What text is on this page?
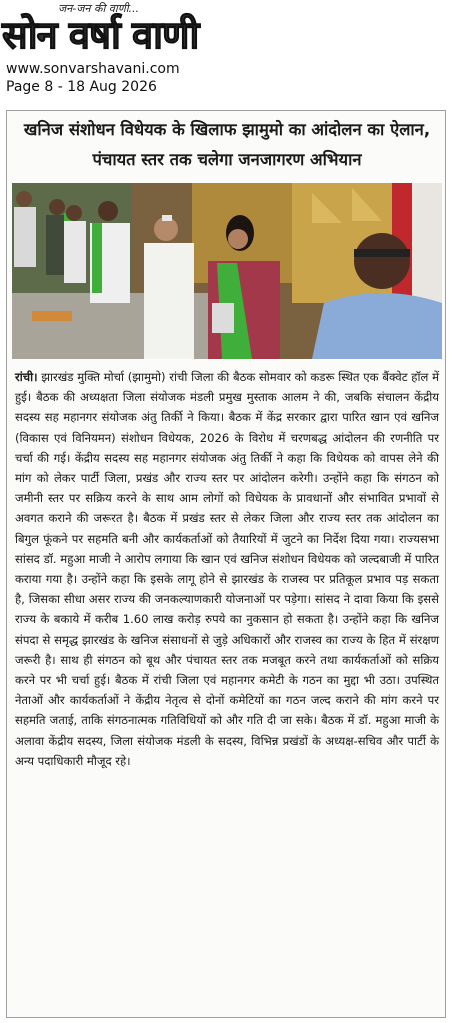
जन-जन की वाणी...
सोन वर्षा वाणी
www.sonvarshavani.com
Page 8 - 18 Aug 2026
खनिज संशोधन विधेयक के खिलाफ झामुमो का आंदोलन का ऐलान, पंचायत स्तर तक चलेगा जनजागरण अभियान
रांची। झारखंड मुक्ति मोर्चा (झामुमो) रांची जिला की बैठक सोमवार को कडरू स्थित एक बैंक्वेट हॉल में हुई। बैठक की अध्यक्षता जिला संयोजक मंडली प्रमुख मुस्ताक आलम ने की, जबकि संचालन केंद्रीय सदस्य सह महानगर संयोजक अंतु तिर्की ने किया। बैठक में केंद्र सरकार द्वारा पारित खान एवं खनिज (विकास एवं विनियमन) संशोधन विधेयक, 2026 के विरोध में चरणबद्ध आंदोलन की रणनीति पर चर्चा की गई। केंद्रीय सदस्य सह महानगर संयोजक अंतु तिर्की ने कहा कि विधेयक को वापस लेने की मांग को लेकर पार्टी जिला, प्रखंड और राज्य स्तर पर आंदोलन करेगी। उन्होंने कहा कि संगठन को जमीनी स्तर पर सक्रिय करने के साथ आम लोगों को विधेयक के प्रावधानों और संभावित प्रभावों से अवगत कराने की जरूरत है। बैठक में प्रखंड स्तर से लेकर जिला और राज्य स्तर तक आंदोलन का बिगुल फूंकने पर सहमति बनी और कार्यकर्ताओं को तैयारियों में जुटने का निर्देश दिया गया। राज्यसभा सांसद डॉ. महुआ माजी ने आरोप लगाया कि खान एवं खनिज संशोधन विधेयक को जल्दबाजी में पारित कराया गया है। उन्होंने कहा कि इसके लागू होने से झारखंड के राजस्व पर प्रतिकूल प्रभाव पड़ सकता है, जिसका सीधा असर राज्य की जनकल्याणकारी योजनाओं पर पड़ेगा। सांसद ने दावा किया कि इससे राज्य के बकाये में करीब 1.60 लाख करोड़ रुपये का नुकसान हो सकता है। उन्होंने कहा कि खनिज संपदा से समृद्ध झारखंड के खनिज संसाधनों से जुड़े अधिकारों और राजस्व का राज्य के हित में संरक्षण जरूरी है। साथ ही संगठन को बूथ और पंचायत स्तर तक मजबूत करने तथा कार्यकर्ताओं को सक्रिय करने पर भी चर्चा हुई। बैठक में रांची जिला एवं महानगर कमेटी के गठन का मुद्दा भी उठा। उपस्थित नेताओं और कार्यकर्ताओं ने केंद्रीय नेतृत्व से दोनों कमेटियों का गठन जल्द कराने की मांग करने पर सहमति जताई, ताकि संगठनात्मक गतिविधियों को और गति दी जा सके। बैठक में डॉ. महुआ माजी के अलावा केंद्रीय सदस्य, जिला संयोजक मंडली के सदस्य, विभिन्न प्रखंडों के अध्यक्ष-सचिव और पार्टी के अन्य पदाधिकारी मौजूद रहे।
